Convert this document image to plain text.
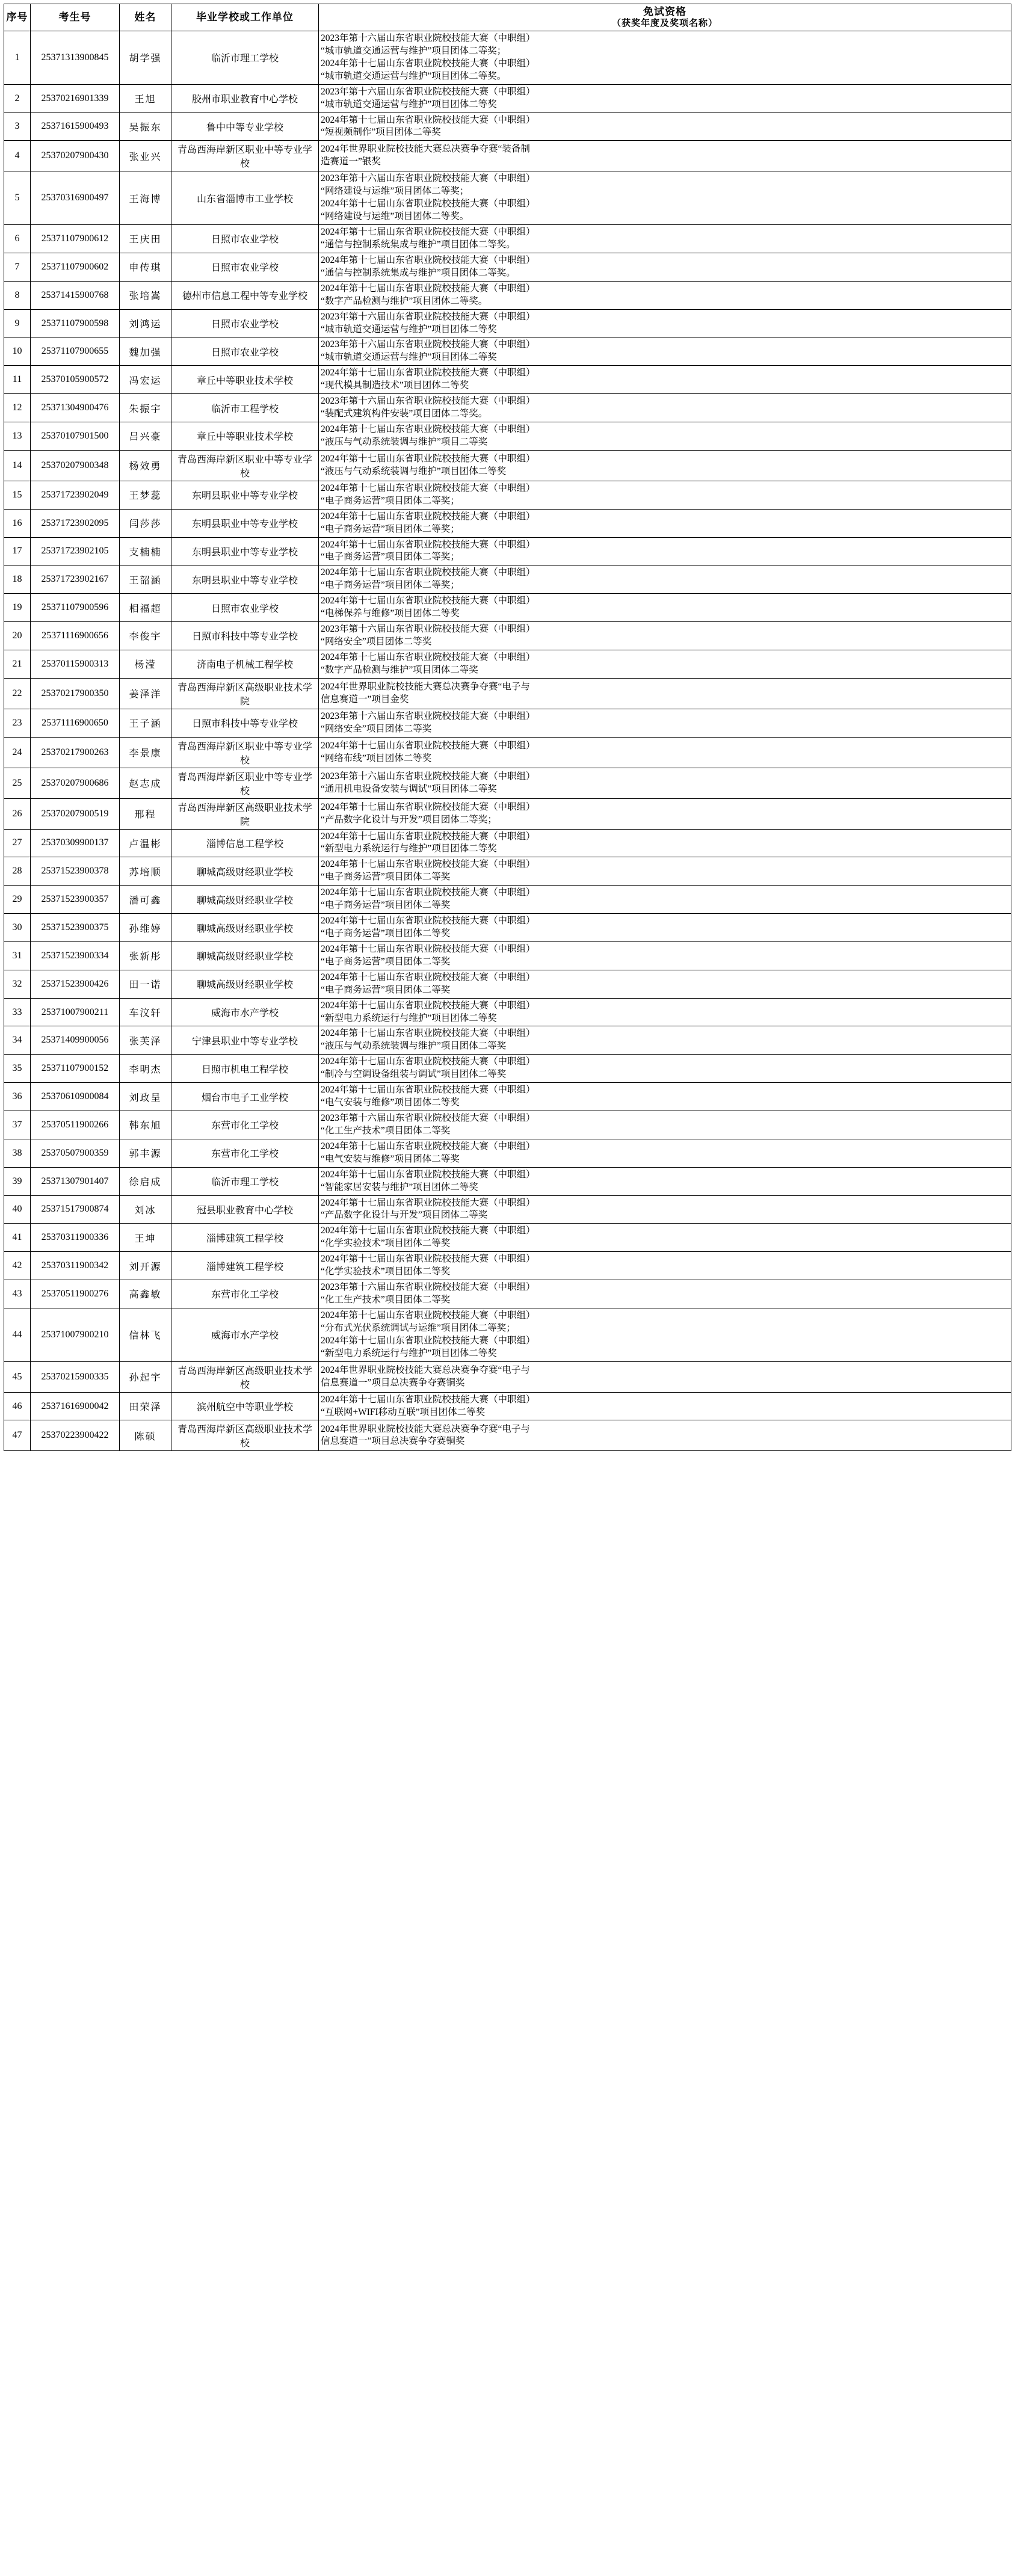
序号	考生号	姓名	毕业学校或工作单位	免试资格
（获奖年度及奖项名称）

1	25371313900845	胡学强	临沂市理工学校	2023年第十六届山东省职业院校技能大赛（中职组）
“城市轨道交通运营与维护”项目团体二等奖；
2024年第十七届山东省职业院校技能大赛（中职组）
“城市轨道交通运营与维护”项目团体二等奖。

2	25370216901339	王旭	胶州市职业教育中心学校	2023年第十六届山东省职业院校技能大赛（中职组）
“城市轨道交通运营与维护”项目团体二等奖

3	25371615900493	吴振东	鲁中中等专业学校	2024年第十七届山东省职业院校技能大赛（中职组）
“短视频制作”项目团体二等奖

4	25370207900430	张业兴	青岛西海岸新区职业中等专业学校	2024年世界职业院校技能大赛总决赛争夺赛“装备制
造赛道一”银奖

5	25370316900497	王海博	山东省淄博市工业学校	2023年第十六届山东省职业院校技能大赛（中职组）
“网络建设与运维”项目团体二等奖；
2024年第十七届山东省职业院校技能大赛（中职组）
“网络建设与运维”项目团体二等奖。

6	25371107900612	王庆田	日照市农业学校	2024年第十七届山东省职业院校技能大赛（中职组）
“通信与控制系统集成与维护”项目团体二等奖。

7	25371107900602	申传琪	日照市农业学校	2024年第十七届山东省职业院校技能大赛（中职组）
“通信与控制系统集成与维护”项目团体二等奖。

8	25371415900768	张培嵩	德州市信息工程中等专业学校	2024年第十七届山东省职业院校技能大赛（中职组）
“数字产品检测与维护”项目团体二等奖。

9	25371107900598	刘鸿运	日照市农业学校	2023年第十六届山东省职业院校技能大赛（中职组）
“城市轨道交通运营与维护”项目团体二等奖

10	25371107900655	魏加强	日照市农业学校	2023年第十六届山东省职业院校技能大赛（中职组）
“城市轨道交通运营与维护”项目团体二等奖

11	25370105900572	冯宏运	章丘中等职业技术学校	2024年第十七届山东省职业院校技能大赛（中职组）
“现代模具制造技术”项目团体二等奖

12	25371304900476	朱振宇	临沂市工程学校	2023年第十六届山东省职业院校技能大赛（中职组）
“装配式建筑构件安装”项目团体二等奖。

13	25370107901500	吕兴豪	章丘中等职业技术学校	2024年第十七届山东省职业院校技能大赛（中职组）
“液压与气动系统装调与维护”项目二等奖

14	25370207900348	杨效勇	青岛西海岸新区职业中等专业学校	2024年第十七届山东省职业院校技能大赛（中职组）
“液压与气动系统装调与维护”项目团体二等奖

15	25371723902049	王梦蕊	东明县职业中等专业学校	2024年第十七届山东省职业院校技能大赛（中职组）
“电子商务运营”项目团体二等奖；

16	25371723902095	闫莎莎	东明县职业中等专业学校	2024年第十七届山东省职业院校技能大赛（中职组）
“电子商务运营”项目团体二等奖；

17	25371723902105	支楠楠	东明县职业中等专业学校	2024年第十七届山东省职业院校技能大赛（中职组）
“电子商务运营”项目团体二等奖；

18	25371723902167	王韶涵	东明县职业中等专业学校	2024年第十七届山东省职业院校技能大赛（中职组）
“电子商务运营”项目团体二等奖；

19	25371107900596	相福超	日照市农业学校	2024年第十七届山东省职业院校技能大赛（中职组）
“电梯保养与维修”项目团体二等奖

20	25371116900656	李俊宇	日照市科技中等专业学校	2023年第十六届山东省职业院校技能大赛（中职组）
“网络安全”项目团体二等奖

21	25370115900313	杨滢	济南电子机械工程学校	2024年第十七届山东省职业院校技能大赛（中职组）
“数字产品检测与维护”项目团体二等奖

22	25370217900350	姜泽洋	青岛西海岸新区高级职业技术学院	2024年世界职业院校技能大赛总决赛争夺赛“电子与
信息赛道一”项目金奖

23	25371116900650	王子涵	日照市科技中等专业学校	2023年第十六届山东省职业院校技能大赛（中职组）
“网络安全”项目团体二等奖

24	25370217900263	李景康	青岛西海岸新区职业中等专业学校	2024年第十七届山东省职业院校技能大赛（中职组）
“网络布线”项目团体二等奖

25	25370207900686	赵志成	青岛西海岸新区职业中等专业学校	2023年第十六届山东省职业院校技能大赛（中职组）
“通用机电设备安装与调试”项目团体二等奖

26	25370207900519	邢程	青岛西海岸新区高级职业技术学院	2024年第十七届山东省职业院校技能大赛（中职组）
“产品数字化设计与开发”项目团体二等奖；

27	25370309900137	卢温彬	淄博信息工程学校	2024年第十七届山东省职业院校技能大赛（中职组）
“新型电力系统运行与维护”项目团体二等奖

28	25371523900378	苏培顺	聊城高级财经职业学校	2024年第十七届山东省职业院校技能大赛（中职组）
“电子商务运营”项目团体二等奖

29	25371523900357	潘可鑫	聊城高级财经职业学校	2024年第十七届山东省职业院校技能大赛（中职组）
“电子商务运营”项目团体二等奖

30	25371523900375	孙维婷	聊城高级财经职业学校	2024年第十七届山东省职业院校技能大赛（中职组）
“电子商务运营”项目团体二等奖

31	25371523900334	张新彤	聊城高级财经职业学校	2024年第十七届山东省职业院校技能大赛（中职组）
“电子商务运营”项目团体二等奖

32	25371523900426	田一诺	聊城高级财经职业学校	2024年第十七届山东省职业院校技能大赛（中职组）
“电子商务运营”项目团体二等奖

33	25371007900211	车汶轩	威海市水产学校	2024年第十七届山东省职业院校技能大赛（中职组）
“新型电力系统运行与维护”项目团体二等奖

34	25371409900056	张芙泽	宁津县职业中等专业学校	2024年第十七届山东省职业院校技能大赛（中职组）
“液压与气动系统装调与维护”项目团体二等奖

35	25371107900152	李明杰	日照市机电工程学校	2024年第十七届山东省职业院校技能大赛（中职组）
“制冷与空调设备组装与调试”项目团体二等奖

36	25370610900084	刘政呈	烟台市电子工业学校	2024年第十七届山东省职业院校技能大赛（中职组）
“电气安装与维修”项目团体二等奖

37	25370511900266	韩东旭	东营市化工学校	2023年第十六届山东省职业院校技能大赛（中职组）
“化工生产技术”项目团体二等奖

38	25370507900359	郭丰源	东营市化工学校	2024年第十七届山东省职业院校技能大赛（中职组）
“电气安装与维修”项目团体二等奖

39	25371307901407	徐启成	临沂市理工学校	2024年第十七届山东省职业院校技能大赛（中职组）
“智能家居安装与维护”项目团体二等奖

40	25371517900874	刘冰	冠县职业教育中心学校	2024年第十七届山东省职业院校技能大赛（中职组）
“产品数字化设计与开发”项目团体二等奖

41	25370311900336	王坤	淄博建筑工程学校	2024年第十七届山东省职业院校技能大赛（中职组）
“化学实验技术”项目团体二等奖

42	25370311900342	刘开源	淄博建筑工程学校	2024年第十七届山东省职业院校技能大赛（中职组）
“化学实验技术”项目团体二等奖

43	25370511900276	高鑫敏	东营市化工学校	2023年第十六届山东省职业院校技能大赛（中职组）
“化工生产技术”项目团体二等奖

44	25371007900210	信林飞	威海市水产学校	2024年第十七届山东省职业院校技能大赛（中职组）
“分布式光伏系统调试与运维”项目团体二等奖；
2024年第十七届山东省职业院校技能大赛（中职组）
“新型电力系统运行与维护”项目团体二等奖

45	25370215900335	孙起宇	青岛西海岸新区高级职业技术学校	2024年世界职业院校技能大赛总决赛争夺赛“电子与
信息赛道一”项目总决赛争夺赛铜奖

46	25371616900042	田荣泽	滨州航空中等职业学校	2024年第十七届山东省职业院校技能大赛（中职组）
“互联网+WIFI移动互联”项目团体二等奖

47	25370223900422	陈硕	青岛西海岸新区高级职业技术学校	2024年世界职业院校技能大赛总决赛争夺赛“电子与
信息赛道一”项目总决赛争夺赛铜奖
